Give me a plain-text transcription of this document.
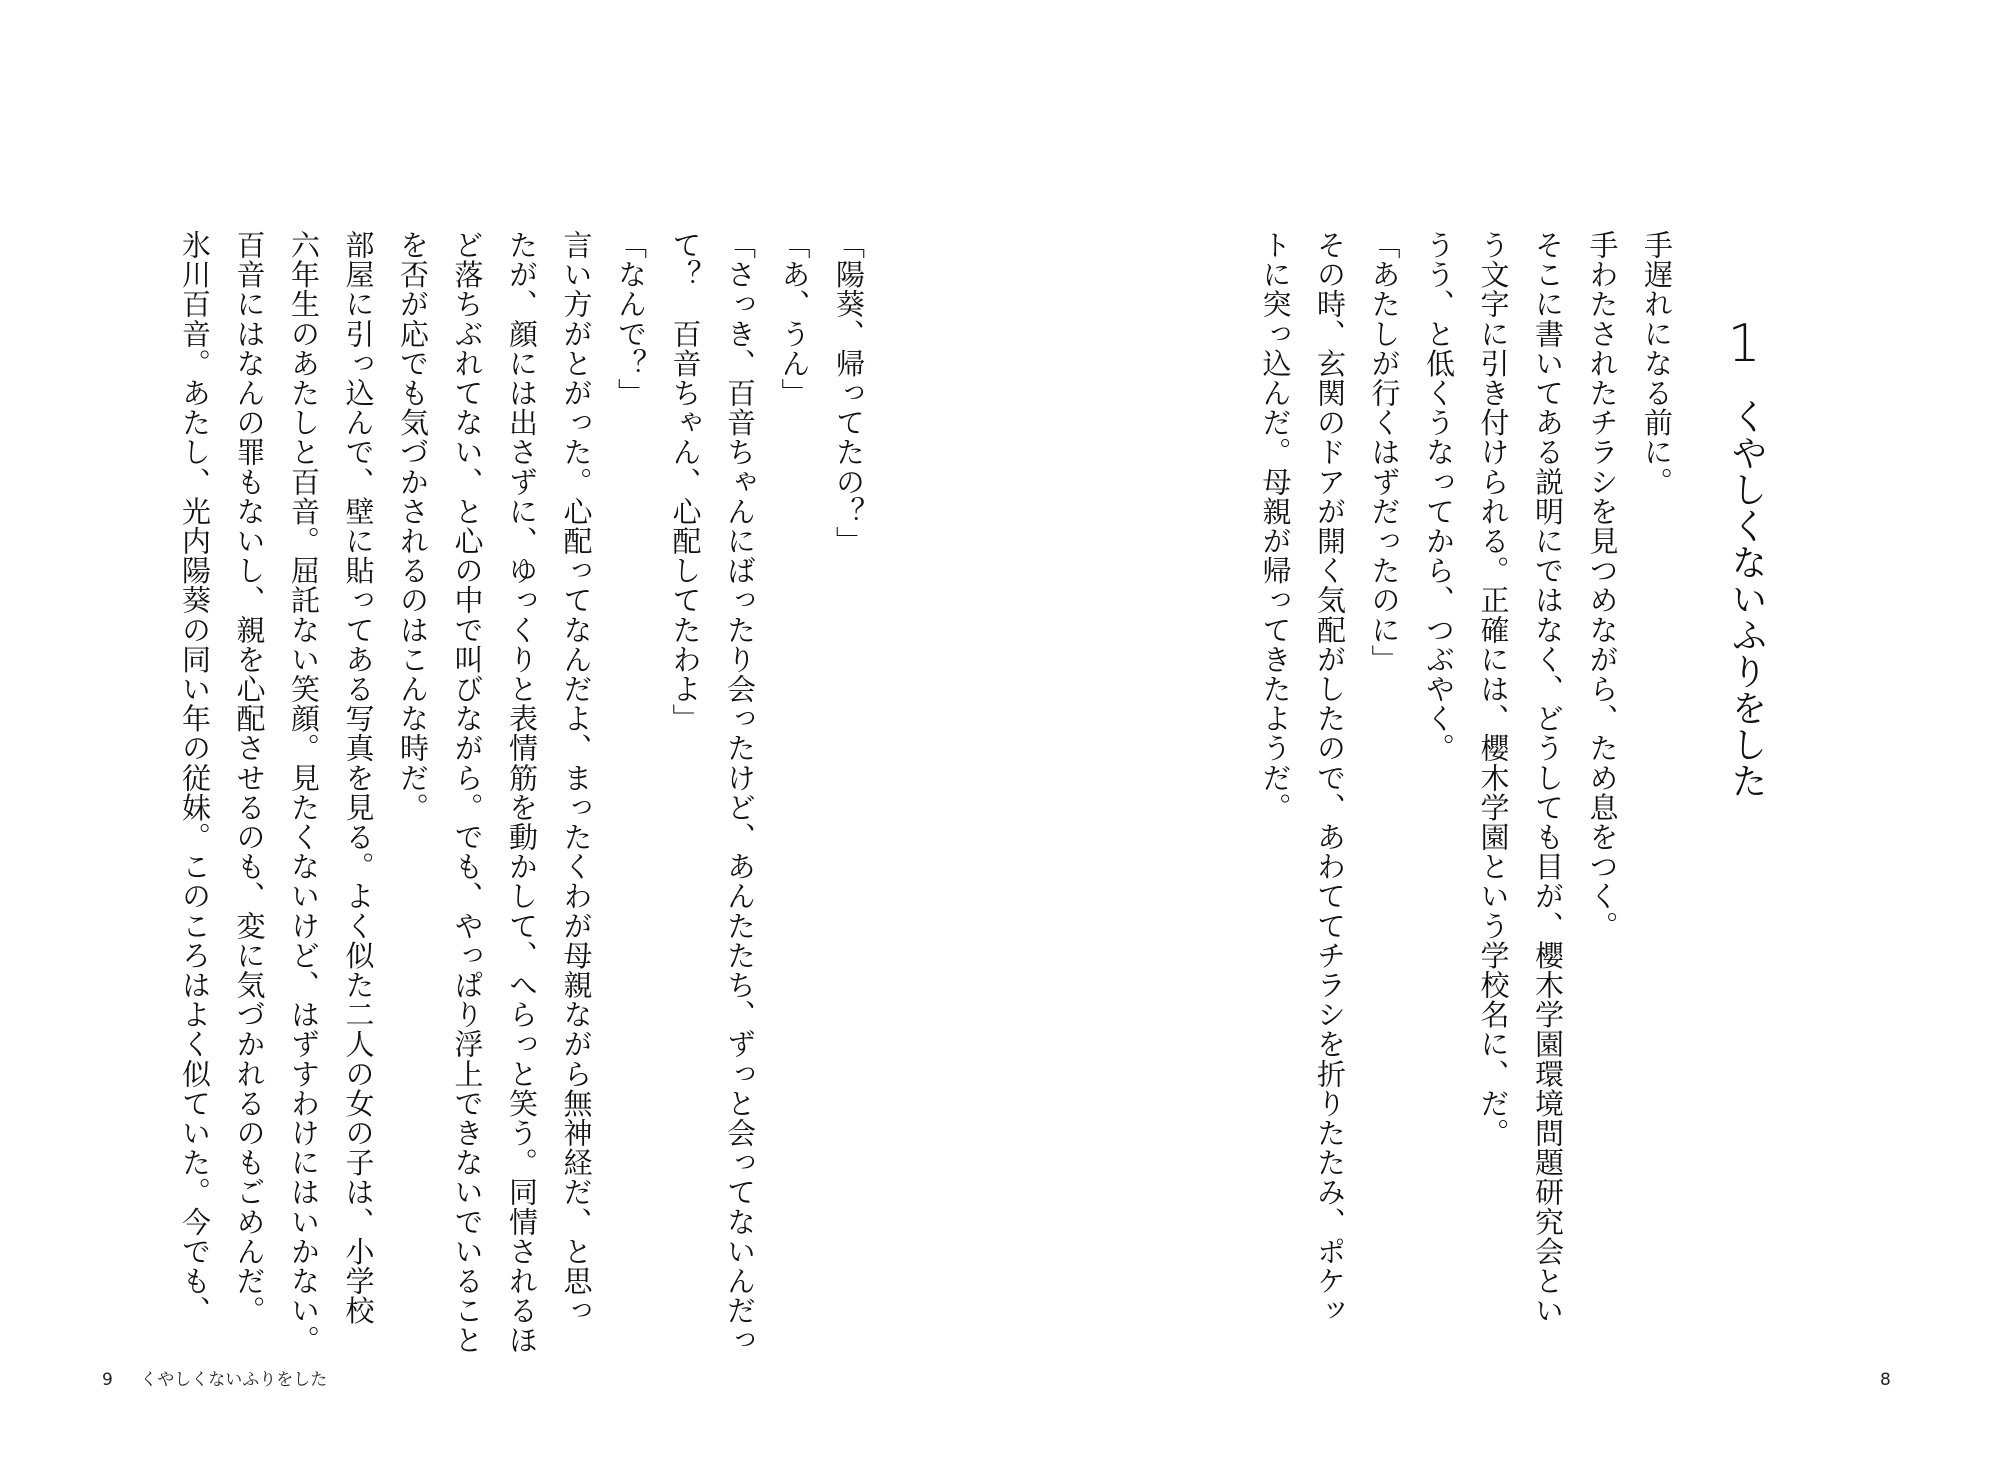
1
くやしくないふりをした

手遅れになる前に。

手わたされたチラシを見つめながら、ため息をつく。

そこに書いてある説明にではなく、どうしても目が、櫻木学園環境問題研究会とい

う文字に引き付けられる。正確には、櫻木学園という学校名に、だ。

うう、と低くうなってから、つぶやく。

「あたしが行くはずだったのに」

その時、玄関のドアが開く気配がしたので、あわててチラシを折りたたみ、ポケッ

トに突っ込んだ。母親が帰ってきたようだ。

「陽葵、帰ってたの？」

「あ、うん」

「さっき、百音ちゃんにばったり会ったけど、あんたたち、ずっと会ってないんだっ

て？　百音ちゃん、心配してたわよ」

「なんで？」

言い方がとがった。心配ってなんだよ、まったくわが母親ながら無神経だ、と思っ

たが、顔には出さずに、ゆっくりと表情筋を動かして、へらっと笑う。同情されるほ

ど落ちぶれてない、と心の中で叫びながら。でも、やっぱり浮上できないでいること

を否が応でも気づかされるのはこんな時だ。

部屋に引っ込んで、壁に貼ってある写真を見る。よく似た二人の女の子は、小学校

六年生のあたしと百音。屈託ない笑顔。見たくないけど、はずすわけにはいかない。

百音にはなんの罪もないし、親を心配させるのも、変に気づかれるのもごめんだ。

氷川百音。あたし、光内陽葵の同い年の従妹。このころはよく似ていた。今でも、

9 くやしくないふりをした	8
